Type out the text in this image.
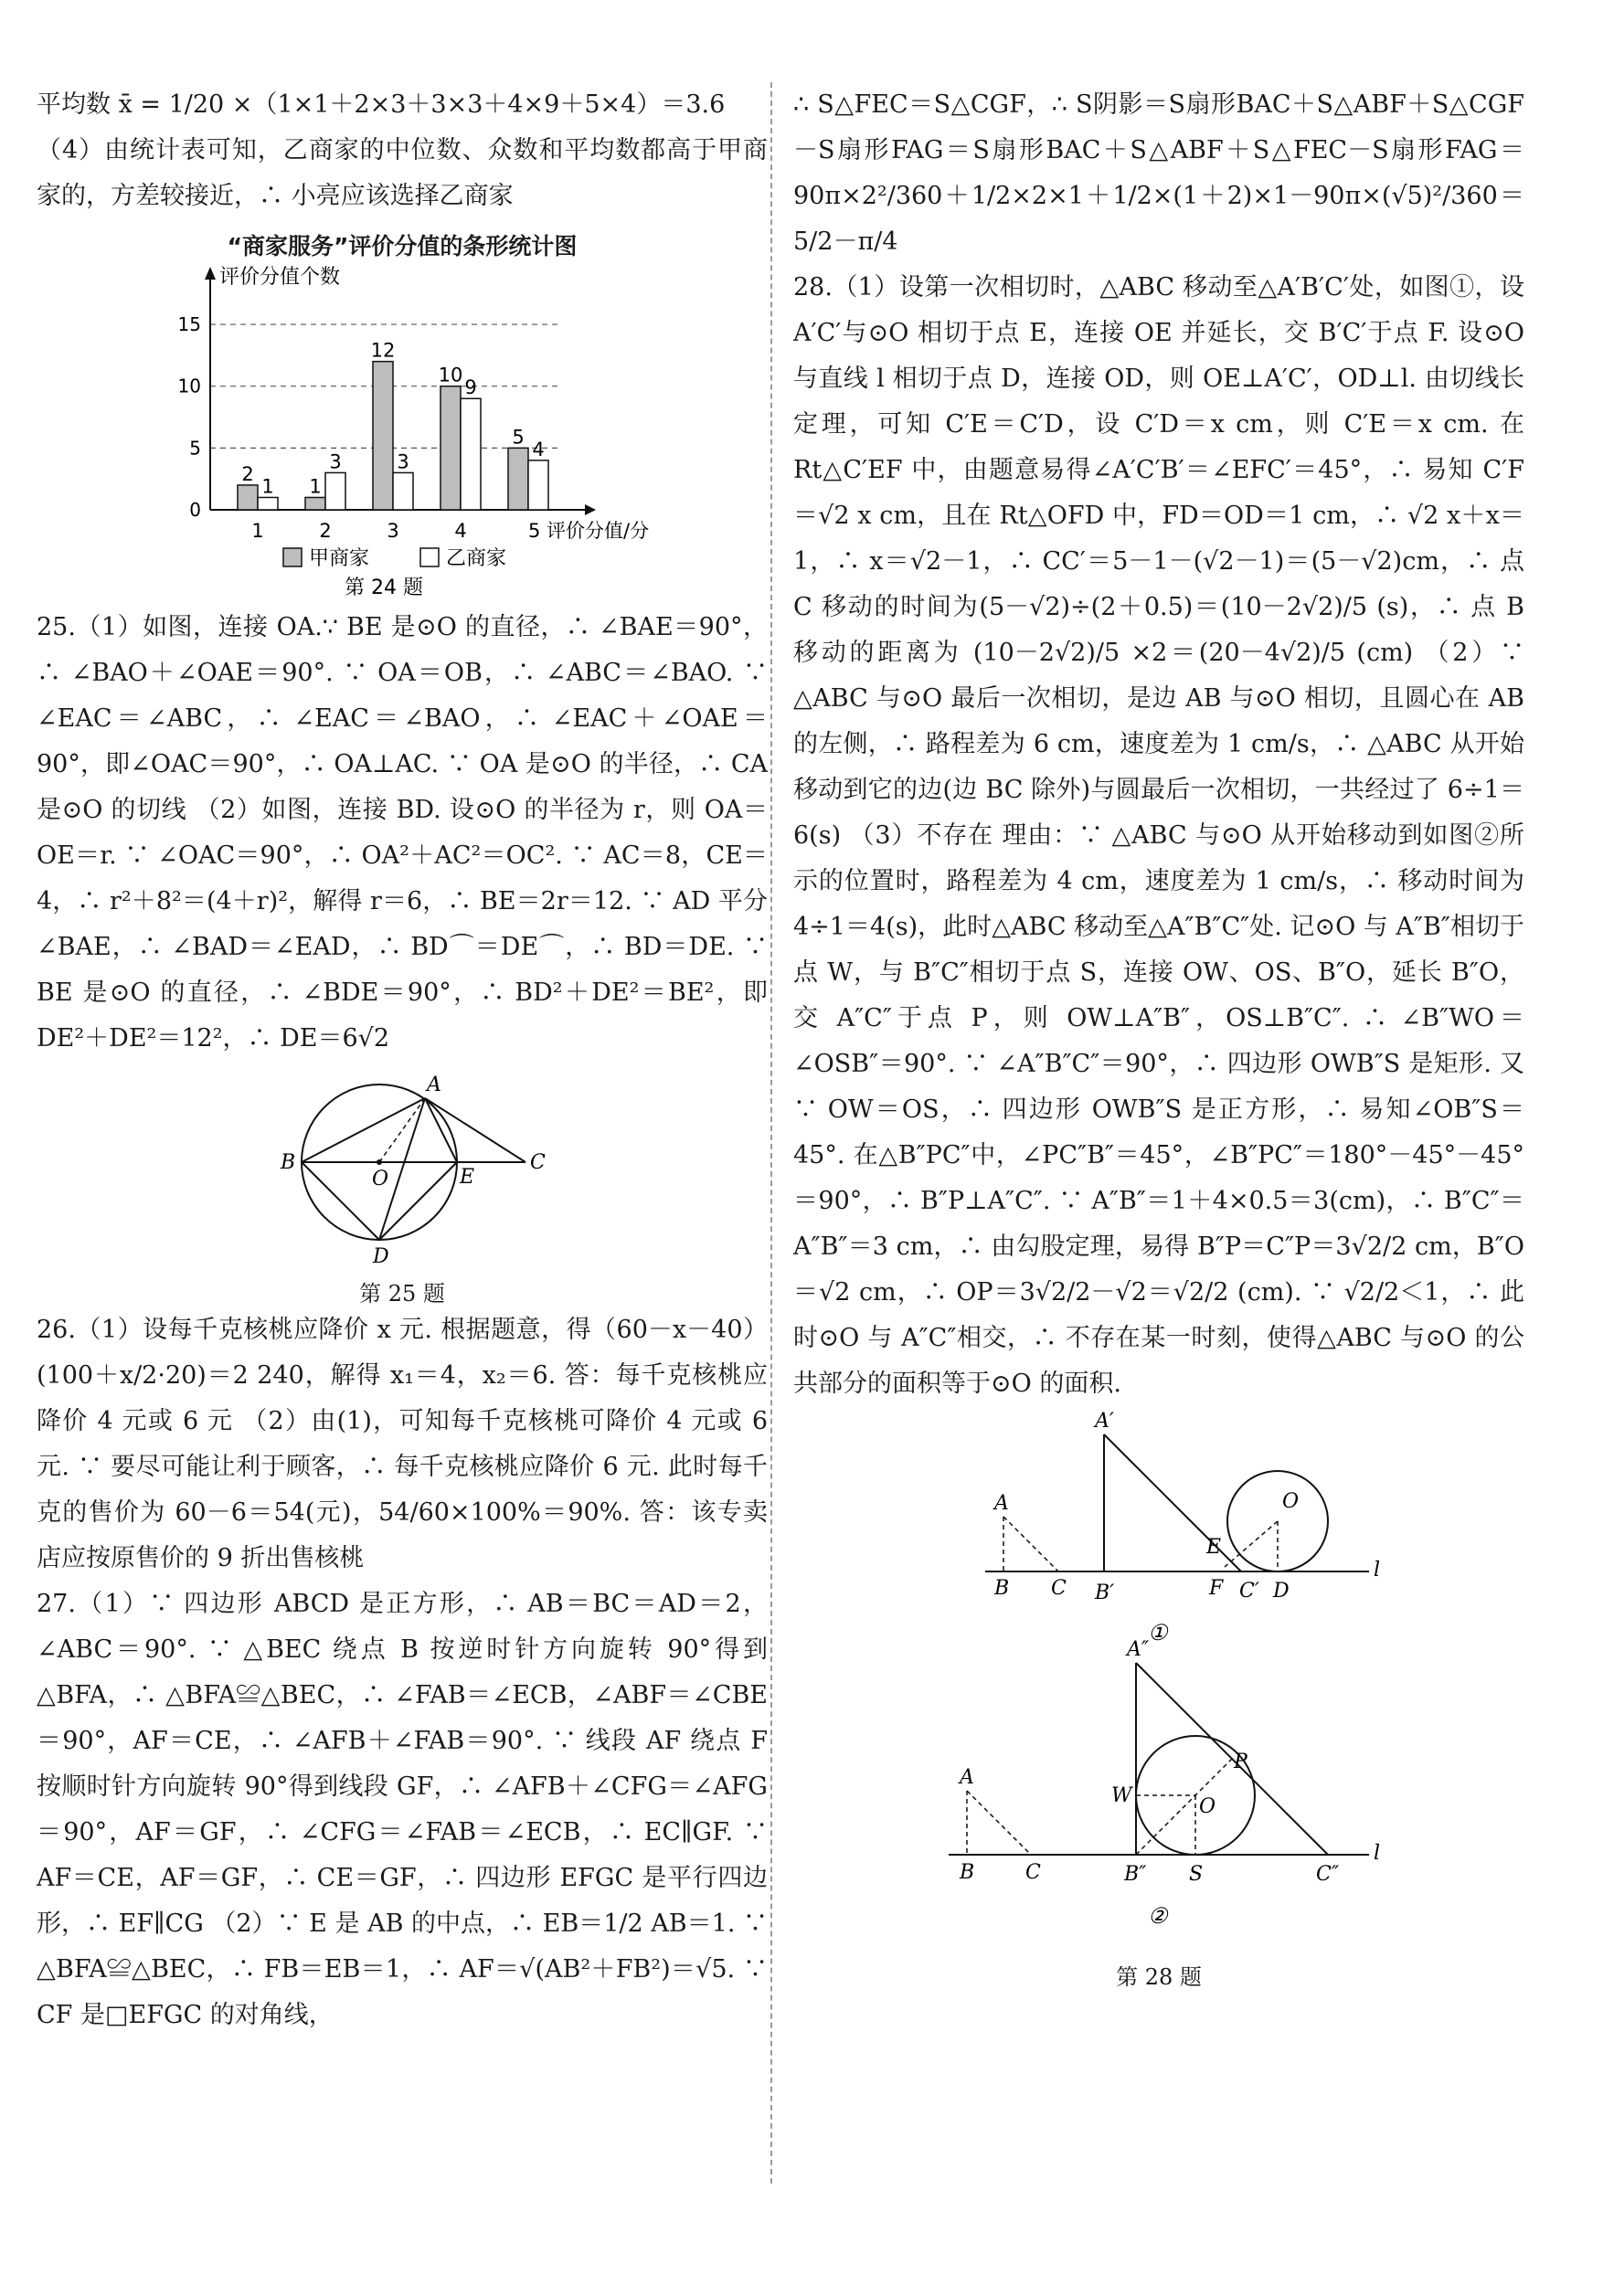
平均数 x̄ = 1/20 ×（1×1＋2×3＋3×3＋4×9＋5×4）＝3.6

（4）由统计表可知，乙商家的中位数、众数和平均数都高于甲商家的，方差较接近，∴ 小亮应该选择乙商家

“商家服务”评价分值的条形统计图
0
5
10
15
评价分值个数
1
2
1
2
1
3
3
12
3
4
10
9
5 评价分值/分
5
4
甲商家	乙商家
第 24 题

25.（1）如图，连接 OA.∵ BE 是⊙O 的直径，∴ ∠BAE＝90°，∴ ∠BAO＋∠OAE＝90°. ∵ OA＝OB，∴ ∠ABC＝∠BAO. ∵ ∠EAC＝∠ABC，∴ ∠EAC＝∠BAO，∴ ∠EAC＋∠OAE＝90°，即∠OAC＝90°，∴ OA⊥AC. ∵ OA 是⊙O 的半径，∴ CA 是⊙O 的切线 （2）如图，连接 BD. 设⊙O 的半径为 r，则 OA＝OE＝r. ∵ ∠OAC＝90°，∴ OA²＋AC²＝OC². ∵ AC＝8，CE＝4，∴ r²＋8²＝(4＋r)²，解得 r＝6，∴ BE＝2r＝12. ∵ AD 平分∠BAE，∴ ∠BAD＝∠EAD，∴ BD⌒＝DE⌒，∴ BD＝DE. ∵ BE 是⊙O 的直径，∴ ∠BDE＝90°，∴ BD²＋DE²＝BE²，即 DE²＋DE²＝12²，∴ DE＝6√2

A
B
O	E
C
D
第 25 题

26.（1）设每千克核桃应降价 x 元. 根据题意，得（60－x－40）(100＋x/2·20)＝2 240，解得 x₁＝4，x₂＝6. 答：每千克核桃应降价 4 元或 6 元 （2）由(1)，可知每千克核桃可降价 4 元或 6 元. ∵ 要尽可能让利于顾客，∴ 每千克核桃应降价 6 元. 此时每千克的售价为 60－6＝54(元)，54/60×100%＝90%. 答：该专卖店应按原售价的 9 折出售核桃

27.（1）∵ 四边形 ABCD 是正方形，∴ AB＝BC＝AD＝2，∠ABC＝90°. ∵ △BEC 绕点 B 按逆时针方向旋转 90°得到△BFA，∴ △BFA≌△BEC，∴ ∠FAB＝∠ECB，∠ABF＝∠CBE＝90°，AF＝CE，∴ ∠AFB＋∠FAB＝90°. ∵ 线段 AF 绕点 F 按顺时针方向旋转 90°得到线段 GF，∴ ∠AFB＋∠CFG＝∠AFG＝90°，AF＝GF，∴ ∠CFG＝∠FAB＝∠ECB，∴ EC∥GF. ∵ AF＝CE，AF＝GF，∴ CE＝GF，∴ 四边形 EFGC 是平行四边形，∴ EF∥CG （2）∵ E 是 AB 的中点，∴ EB＝1/2 AB＝1. ∵ △BFA≌△BEC，∴ FB＝EB＝1，∴ AF＝√(AB²＋FB²)＝√5. ∵ CF 是□EFGC 的对角线，

∴ S△FEC＝S△CGF，∴ S阴影＝S扇形BAC＋S△ABF＋S△CGF－S扇形FAG＝S扇形BAC＋S△ABF＋S△FEC－S扇形FAG＝90π×2²/360＋1/2×2×1＋1/2×(1＋2)×1－90π×(√5)²/360＝5/2－π/4

28.（1）设第一次相切时，△ABC 移动至△A′B′C′处，如图①，设 A′C′与⊙O 相切于点 E，连接 OE 并延长，交 B′C′于点 F. 设⊙O 与直线 l 相切于点 D，连接 OD，则 OE⊥A′C′，OD⊥l. 由切线长定理，可知 C′E＝C′D，设 C′D＝x cm，则 C′E＝x cm. 在 Rt△C′EF 中，由题意易得∠A′C′B′＝∠EFC′＝45°，∴ 易知 C′F＝√2 x cm，且在 Rt△OFD 中，FD＝OD＝1 cm，∴ √2 x＋x＝1，∴ x＝√2－1，∴ CC′＝5－1－(√2－1)＝(5－√2)cm，∴ 点 C 移动的时间为(5－√2)÷(2＋0.5)＝(10－2√2)/5 (s)，∴ 点 B 移动的距离为 (10－2√2)/5 ×2＝(20－4√2)/5 (cm) （2）∵ △ABC 与⊙O 最后一次相切，是边 AB 与⊙O 相切，且圆心在 AB 的左侧，∴ 路程差为 6 cm，速度差为 1 cm/s，∴ △ABC 从开始移动到它的边(边 BC 除外)与圆最后一次相切，一共经过了 6÷1＝6(s) （3）不存在 理由：∵ △ABC 与⊙O 从开始移动到如图②所示的位置时，路程差为 4 cm，速度差为 1 cm/s，∴ 移动时间为 4÷1＝4(s)，此时△ABC 移动至△A″B″C″处. 记⊙O 与 A″B″相切于点 W，与 B″C″相切于点 S，连接 OW、OS、B″O，延长 B″O，交 A″C″于点 P，则 OW⊥A″B″，OS⊥B″C″. ∴ ∠B″WO＝∠OSB″＝90°. ∵ ∠A″B″C″＝90°，∴ 四边形 OWB″S 是矩形. 又∵ OW＝OS，∴ 四边形 OWB″S 是正方形，∴ 易知∠OB″S＝45°. 在△B″PC″中，∠PC″B″＝45°，∠B″PC″＝180°－45°－45°＝90°，∴ B″P⊥A″C″. ∵ A″B″＝1＋4×0.5＝3(cm)，∴ B″C″＝A″B″＝3 cm，∴ 由勾股定理，易得 B″P＝C″P＝3√2/2 cm，B″O＝√2 cm，∴ OP＝3√2/2－√2＝√2/2 (cm). ∵ √2/2＜1，∴ 此时⊙O 与 A″C″相交，∴ 不存在某一时刻，使得△ABC 与⊙O 的公共部分的面积等于⊙O 的面积.

A′
A	O
E
B C B′	F C′ D
l
①
A″
A
W
P
O
B	C	B″ S	C″
l
②
第 28 题
